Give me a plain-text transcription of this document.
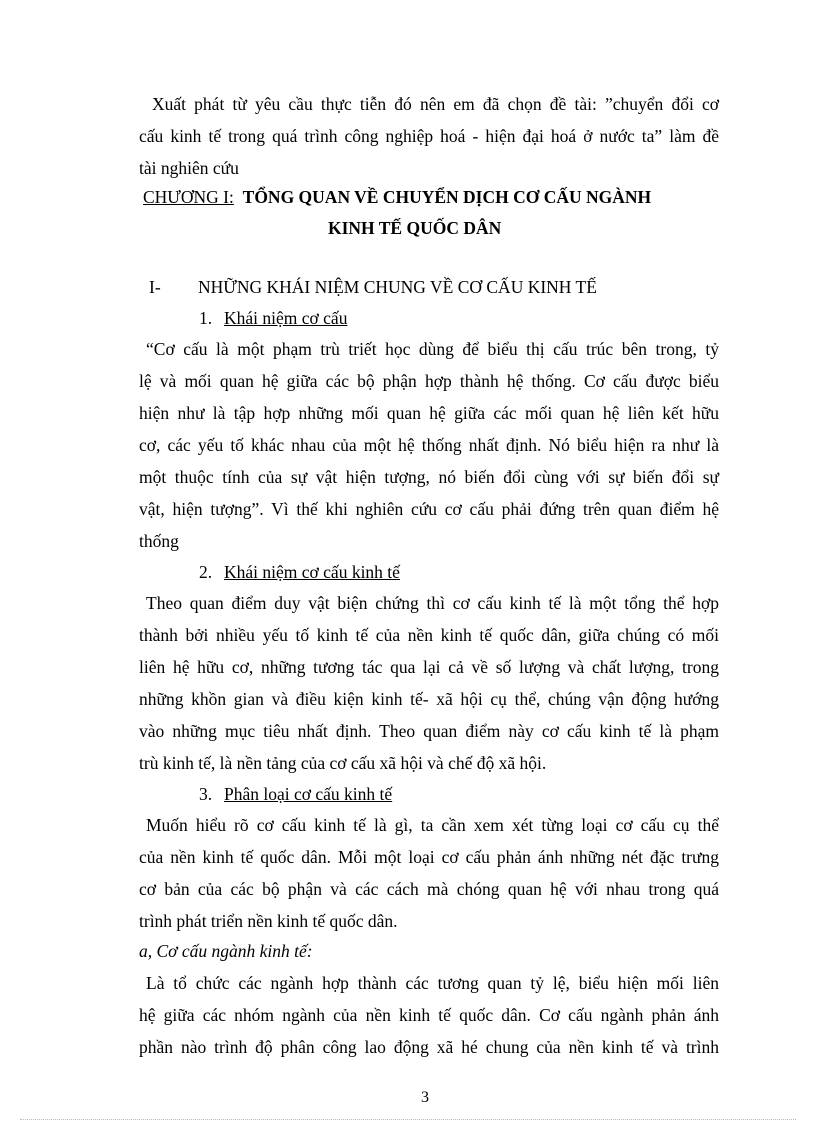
Xuất phát từ yêu cầu thực tiễn đó nên em đã chọn đề tài: ”chuyển đổi cơ
cấu kinh tế trong quá trình công nghiệp hoá - hiện đại hoá ở nước ta” làm đề
tài nghiên cứu
CHƯƠNG I: TỔNG QUAN VỀ CHUYỂN DỊCH CƠ CẤU NGÀNH
KINH TẾ QUỐC DÂN
I- NHỮNG KHÁI NIỆM CHUNG VỀ CƠ CẤU KINH TẾ
1. Khái niệm cơ cấu
“Cơ cấu là một phạm trù triết học dùng để biểu thị cấu trúc bên trong, tỷ
lệ và mối quan hệ giữa các bộ phận hợp thành hệ thống. Cơ cấu được biểu
hiện như là tập hợp những mối quan hệ giữa các mối quan hệ liên kết hữu
cơ, các yếu tố khác nhau của một hệ thống nhất định. Nó biểu hiện ra như là
một thuộc tính của sự vật hiện tượng, nó biến đổi cùng với sự biến đổi sự
vật, hiện tượng”. Vì thế khi nghiên cứu cơ cấu phải đứng trên quan điểm hệ
thống
2. Khái niệm cơ cấu kinh tế
Theo quan điểm duy vật biện chứng thì cơ cấu kinh tế là một tổng thể hợp
thành bởi nhiều yếu tố kinh tế của nền kinh tế quốc dân, giữa chúng có mối
liên hệ hữu cơ, những tương tác qua lại cả về số lượng và chất lượng, trong
những khồn gian và điều kiện kinh tế- xã hội cụ thể, chúng vận động hướng
vào những mục tiêu nhất định. Theo quan điểm này cơ cấu kinh tế là phạm
trù kinh tế, là nền tảng của cơ cấu xã hội và chế độ xã hội.
3. Phân loại cơ cấu kinh tế
Muốn hiểu rõ cơ cấu kinh tế là gì, ta cần xem xét từng loại cơ cấu cụ thể
của nền kinh tế quốc dân. Mỗi một loại cơ cấu phản ánh những nét đặc trưng
cơ bản của các bộ phận và các cách mà chóng quan hệ với nhau trong quá
trình phát triển nền kinh tế quốc dân.
a, Cơ cấu ngành kinh tế:
Là tổ chức các ngành hợp thành các tương quan tỷ lệ, biểu hiện mối liên
hệ giữa các nhóm ngành của nền kinh tế quốc dân. Cơ cấu ngành phản ánh
phần nào trình độ phân công lao động xã hé chung của nền kinh tế và trình
3
